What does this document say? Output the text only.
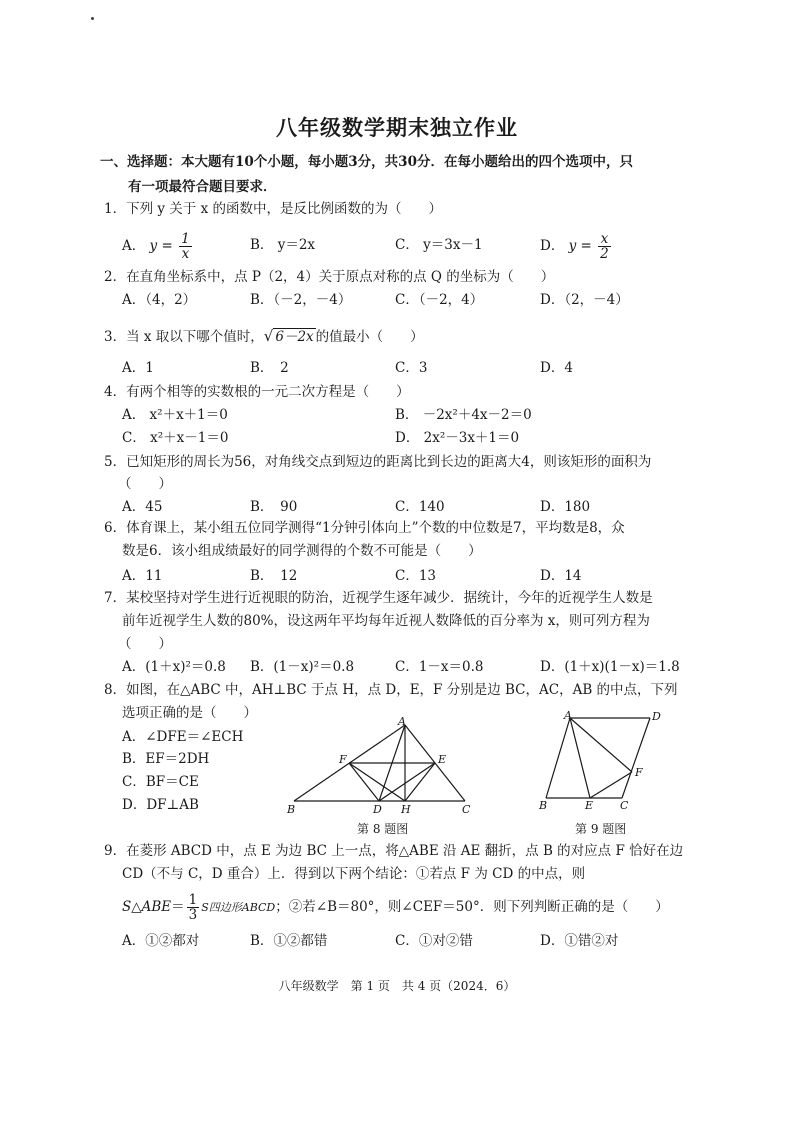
八年级数学期末独立作业
一、选择题：本大题有10个小题，每小题3分，共30分．在每小题给出的四个选项中，只
有一项最符合题目要求．
1．下列 y 关于 x 的函数中，是反比例函数的为（　　）
A． $y = \frac{1}{x}$	B． y＝2x	C． y＝3x－1	D． $y = \frac{x}{2}$
2．在直角坐标系中，点 P（2，4）关于原点对称的点 Q 的坐标为（　　）
A．（4，2）	B．（－2，－4）	C．（－2，4）	D．（2，－4）
3．当 x 取以下哪个值时，√ 6－2x 的值最小（　　）
A．1	B．　2	C．3	D．4
4．有两个相等的实数根的一元二次方程是（　　）
A． x²＋x＋1＝0	B． －2x²＋4x－2＝0
C． x²＋x－1＝0	D． 2x²－3x＋1＝0
5．已知矩形的周长为56，对角线交点到短边的距离比到长边的距离大4，则该矩形的面积为
（　　）
A．45	B．　90	C．140	D．180
6．体育课上，某小组五位同学测得“1分钟引体向上”个数的中位数是7，平均数是8，众
数是6．该小组成绩最好的同学测得的个数不可能是（　　）
A．11	B．　12	C．13	D．14
7．某校坚持对学生进行近视眼的防治，近视学生逐年减少．据统计，今年的近视学生人数是
前年近视学生人数的80%，设这两年平均每年近视人数降低的百分率为 x，则可列方程为
（　　）
A．(1＋x)²＝0.8 B．(1－x)²＝0.8	C．1－x＝0.8	D．(1＋x)(1－x)＝1.8
8．如图，在△ABC 中，AH⊥BC 于点 H，点 D，E，F 分别是边 BC，AC，AB 的中点，下列
选项正确的是（　　）
A．∠DFE＝∠ECH
B．EF＝2DH
C．BF＝CE
D．DF⊥AB
A
F	E
B	D H	C
第 8 题图
A	D
F
B	E C
第 9 题图
9．在菱形 ABCD 中，点 E 为边 BC 上一点，将△ABE 沿 AE 翻折，点 B 的对应点 F 恰好在边
CD（不与 C，D 重合）上．得到以下两个结论：①若点 F 为 CD 的中点，则
S△ABE＝ $\frac{1}{3}$ S四边形ABCD；②若∠B＝80°，则∠CEF＝50°．则下列判断正确的是（　　）
A．①②都对	B．①②都错	C．①对②错	D．①错②对
八年级数学　第 1 页　共 4 页（2024．6）
